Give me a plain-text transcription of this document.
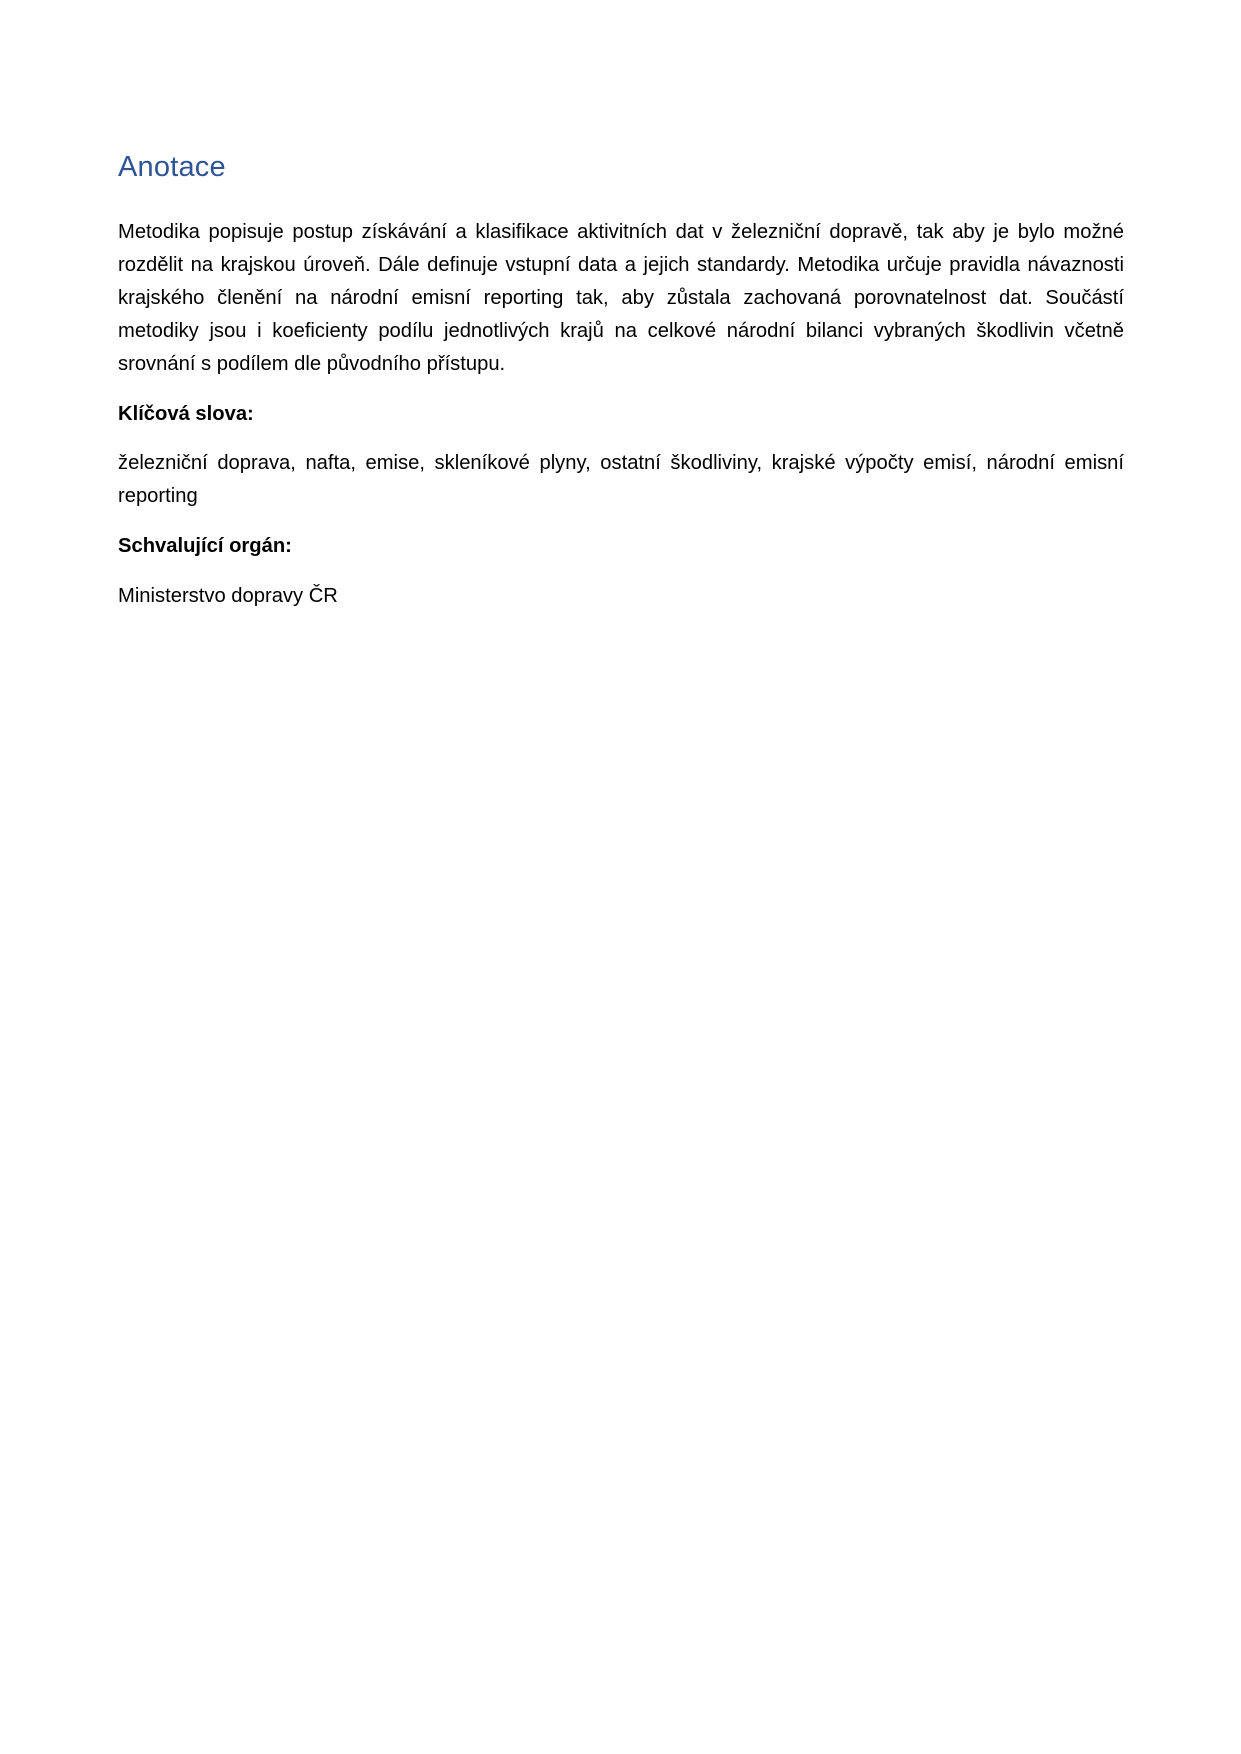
Anotace

Metodika popisuje postup získávání a klasifikace aktivitních dat v železniční dopravě, tak aby je bylo možné rozdělit na krajskou úroveň. Dále definuje vstupní data a jejich standardy. Metodika určuje pravidla návaznosti krajského členění na národní emisní reporting tak, aby zůstala zachovaná porovnatelnost dat. Součástí metodiky jsou i koeficienty podílu jednotlivých krajů na celkové národní bilanci vybraných škodlivin včetně srovnání s podílem dle původního přístupu.

Klíčová slova:

železniční doprava, nafta, emise, skleníkové plyny, ostatní škodliviny, krajské výpočty emisí, národní emisní reporting

Schvalující orgán:

Ministerstvo dopravy ČR
